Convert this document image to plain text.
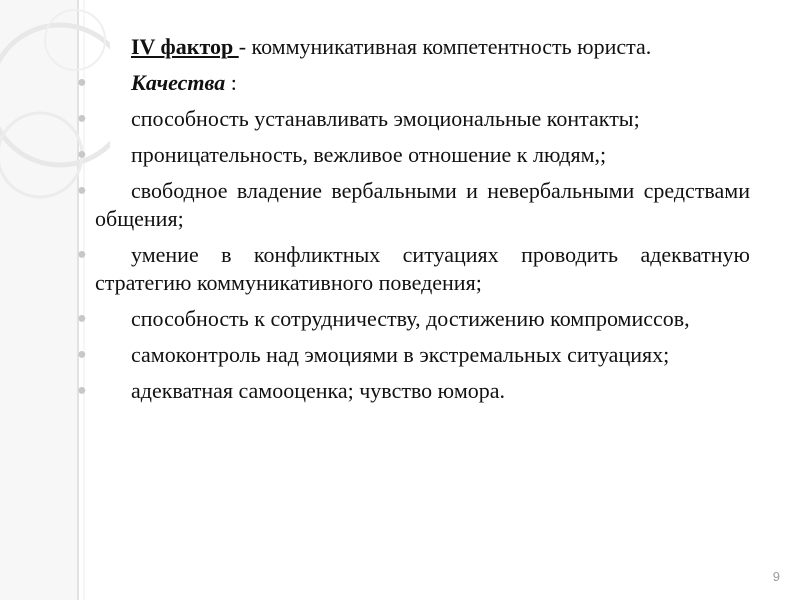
IV фактор - коммуникативная компетентность юриста.
● Качества :
● способность устанавливать эмоциональные контакты;
● проницательность, вежливое отношение к людям,;
● свободное владение вербальными и невербальными средствами общения;
● умение в конфликтных ситуациях проводить адекватную стратегию коммуникативного поведения;
● способность к сотрудничеству, достижению компромиссов,
● самоконтроль над эмоциями в экстремальных ситуациях;
● адекватная самооценка; чувство юмора.
9
